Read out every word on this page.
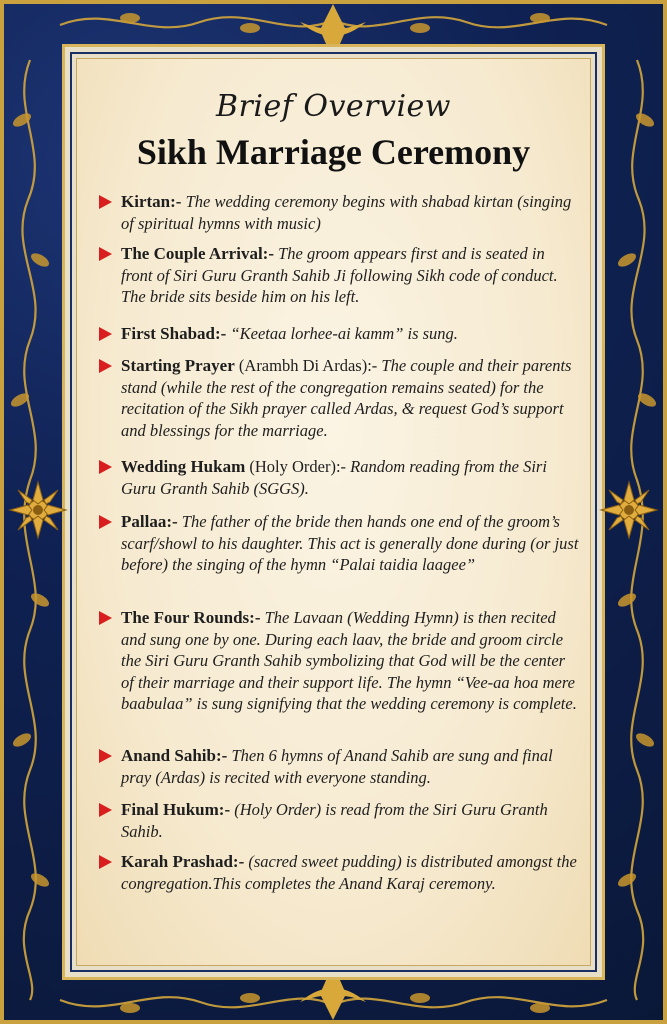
Brief Overview
Sikh Marriage Ceremony
Kirtan:- The wedding ceremony begins with shabad kirtan (singing of spiritual hymns with music)
The Couple Arrival:- The groom appears first and is seated in front of Siri Guru Granth Sahib Ji following Sikh code of conduct. The bride sits beside him on his left.
First Shabad:- “Keetaa lorhee-ai kamm” is sung.
Starting Prayer (Arambh Di Ardas):- The couple and their parents stand (while the rest of the congregation remains seated) for the recitation of the Sikh prayer called Ardas, & request God’s support and blessings for the marriage.
Wedding Hukam (Holy Order):- Random reading from the Siri Guru Granth Sahib (SGGS).
Pallaa:- The father of the bride then hands one end of the groom’s scarf/showl to his daughter. This act is generally done during (or just before) the singing of the hymn “Palai taidia laagee”
The Four Rounds:- The Lavaan (Wedding Hymn) is then recited and sung one by one. During each laav, the bride and groom circle the Siri Guru Granth Sahib symbolizing that God will be the center of their marriage and their support life. The hymn “Vee-aa hoa mere baabulaa” is sung signifying that the wedding ceremony is complete.
Anand Sahib:- Then 6 hymns of Anand Sahib are sung and final pray (Ardas) is recited with everyone standing.
Final Hukum:- (Holy Order) is read from the Siri Guru Granth Sahib.
Karah Prashad:- (sacred sweet pudding) is distributed amongst the congregation.This completes the Anand Karaj ceremony.
